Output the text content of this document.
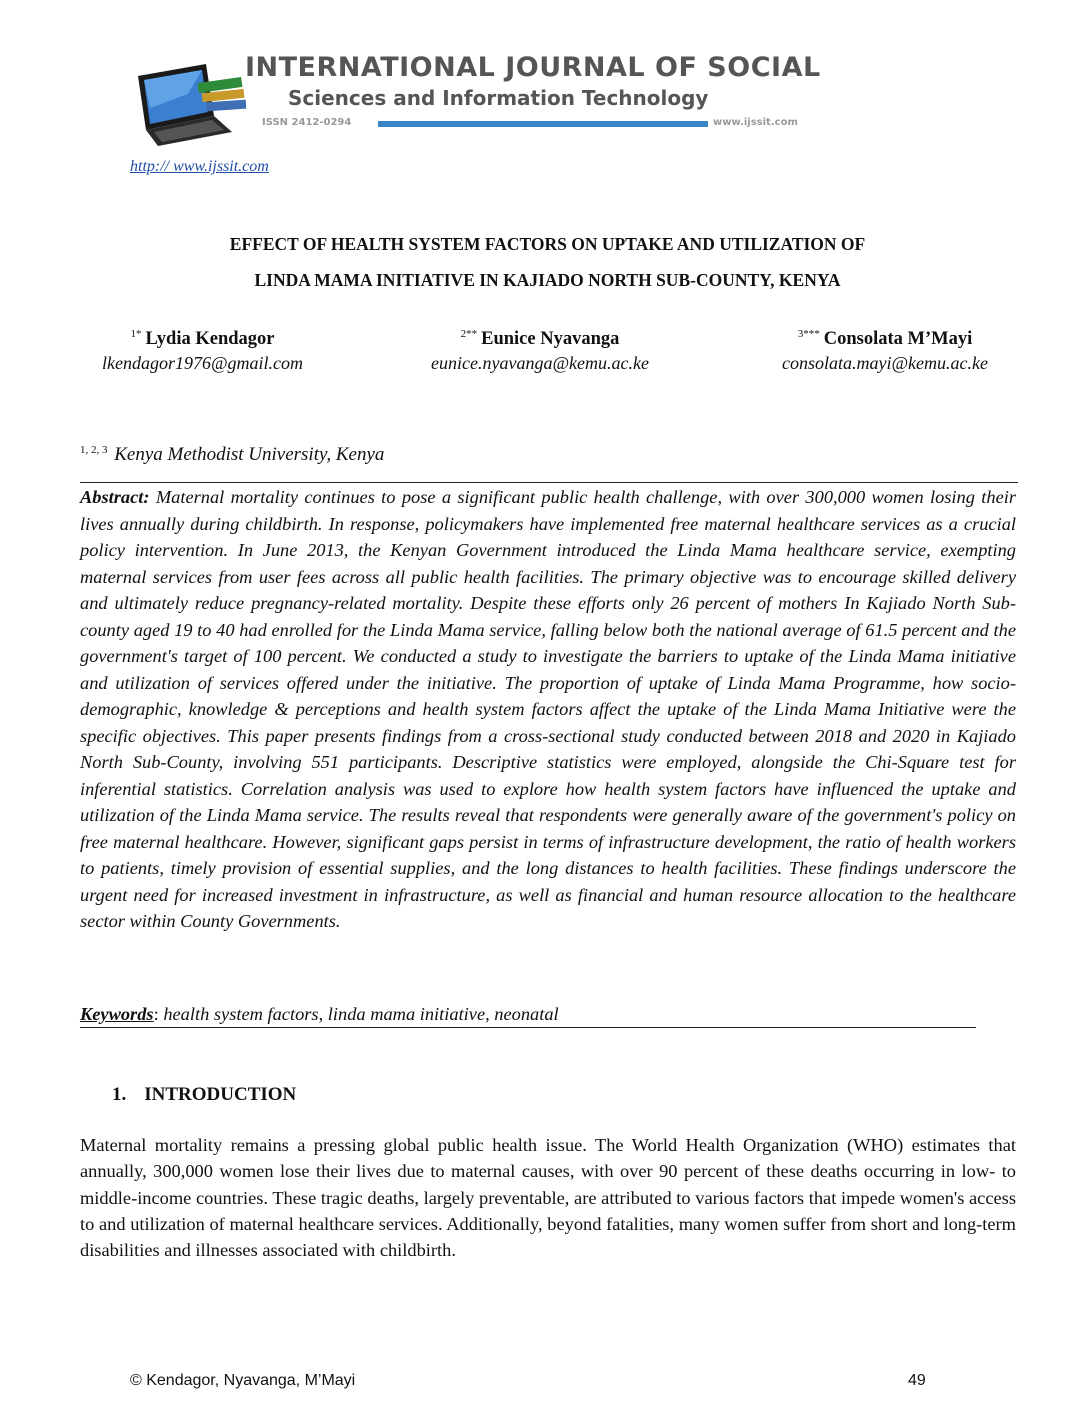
INTERNATIONAL JOURNAL OF SOCIAL
Sciences and Information Technology
ISSN 2412-0294	www.ijssit.com
http:// www.ijssit.com
EFFECT OF HEALTH SYSTEM FACTORS ON UPTAKE AND UTILIZATION OF
LINDA MAMA INITIATIVE IN KAJIADO NORTH SUB-COUNTY, KENYA
$^{1*}$ Lydia Kendagor
lkendagor1976@gmail.com
$^{2**}$ Eunice Nyavanga
eunice.nyavanga@kemu.ac.ke
$^{3***}$ Consolata M’Mayi
consolata.mayi@kemu.ac.ke
$^{1, 2, 3}$ Kenya Methodist University, Kenya

Abstract: Maternal mortality continues to pose a significant public health challenge, with over 300,000 women losing their lives annually during childbirth. In response, policymakers have implemented free maternal healthcare services as a crucial policy intervention. In June 2013, the Kenyan Government introduced the Linda Mama healthcare service, exempting maternal services from user fees across all public health facilities. The primary objective was to encourage skilled delivery and ultimately reduce pregnancy-related mortality. Despite these efforts only 26 percent of mothers In Kajiado North Sub-county aged 19 to 40 had enrolled for the Linda Mama service, falling below both the national average of 61.5 percent and the government's target of 100 percent. We conducted a study to investigate the barriers to uptake of the Linda Mama initiative and utilization of services offered under the initiative. The proportion of uptake of Linda Mama Programme, how socio-demographic, knowledge & perceptions and health system factors affect the uptake of the Linda Mama Initiative were the specific objectives. This paper presents findings from a cross-sectional study conducted between 2018 and 2020 in Kajiado North Sub-County, involving 551 participants. Descriptive statistics were employed, alongside the Chi-Square test for inferential statistics. Correlation analysis was used to explore how health system factors have influenced the uptake and utilization of the Linda Mama service. The results reveal that respondents were generally aware of the government's policy on free maternal healthcare. However, significant gaps persist in terms of infrastructure development, the ratio of health workers to patients, timely provision of essential supplies, and the long distances to health facilities. These findings underscore the urgent need for increased investment in infrastructure, as well as financial and human resource allocation to the healthcare sector within County Governments.

Keywords: health system factors, linda mama initiative, neonatal
1. INTRODUCTION

Maternal mortality remains a pressing global public health issue. The World Health Organization (WHO) estimates that annually, 300,000 women lose their lives due to maternal causes, with over 90 percent of these deaths occurring in low- to middle-income countries. These tragic deaths, largely preventable, are attributed to various factors that impede women's access to and utilization of maternal healthcare services. Additionally, beyond fatalities, many women suffer from short and long-term disabilities and illnesses associated with childbirth.

© Kendagor, Nyavanga, M’Mayi	49
